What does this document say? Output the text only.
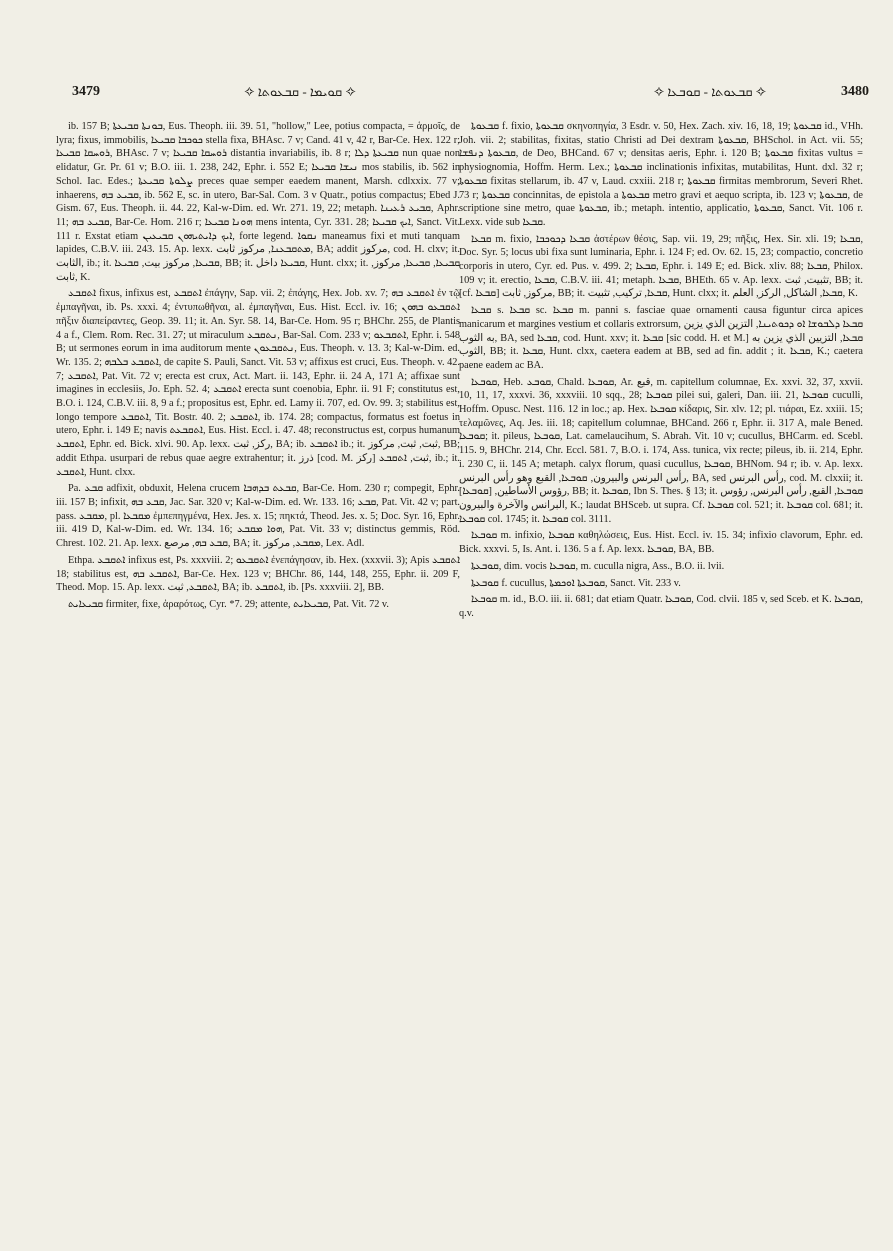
3479	✧ ܩܘܝܡܐ - ܩܒܥܘܬܐ ✧	✧ ܩܒܥܘܬܐ - ܩܘܒܥܐ ✧	3480

ib. 157 B; ܒܘܢܬܐ ܩܒܝܥܬܐ, Eus. Theoph. iii. 39. 51, "hollow," Lee, potius compacta, = ἁρμοῖς, de lyra; fixus, immobilis, ܟܘܟܒܐ ܩܒܝܥܐ stella fixa, BHAsc. 7 v; Cand. 41 v, 42 r, Bar-Ce. Hex. 122 r; ܪܘܚܩܐ ܩܒܝܥܐ, BHAsc. 7 v; ܪܘܚܩܐ ܩܒܝܥܐ distantia invariabilis, ib. 8 r; ܩܒܝܥܬܐ ܕܠܐ nun quae non elidatur, Gr. Pr. 61 v; B.O. iii. 1. 238, 242, Ephr. i. 552 E; ܢܝܫܐ ܩܒܝܥܐ mos stabilis, ib. 562 in Schol. Iac. Edes.; ܨܠܘܬܐ ܩܒܝܥܬܐ preces quae semper eaedem manent, Marsh. cdlxxix. 77 v; inhaerens, ܩܒܝܥ ܒܗ, ib. 562 E, sc. in utero, Bar-Sal. Com. 3 v Quatr., potius compactus; Ebed J. Gism. 67, Eus. Theoph. ii. 44. 22, Kal-w-Dim. ed. Wr. 271. 19, 22; metaph. ܩܒܝܥ ܪܥܝܢܐ, Aphr. 11; ܩܒܝܥ ܒܗ, Bar-Ce. Hom. 216 r; ܗܘܢܐ ܩܒܝܥܐ mens intenta, Cyr. 331. 28; ܐܝܟ ܩܒܝܥܐ, Sanct. Vit. 111 r. Exstat etiam ܐܝܟ ܕܐܝܬܝܗܘܢ ܩܒܝܥܝܢ, forte legend. ܢܩܘܐ maneamus fixi et muti tanquam lapides, C.B.V. iii. 243. 15. Ap. lexx. ܡܬܩܒܥܢܐ, مرکوز ثابت, BA; addit مركوز, cod. H. clxv; it. الثابت, ib.; it. ܩܒܝܥܐ, مركوز بيت, ܩܒܝܥܐ, BB; it. ܩܒܝܥܐ داخل, Hunt. clxx; it. ܩܒܝܥܐ, ܩܒܝܥܐ, مركوز, ثابت, K.

ܐܬܩܒܥ fixus, infixus est, ܐܬܩܒܥ ἐπάγην, Sap. vii. 2; ἐπάγης, Hex. Job. xv. 7; ܐܬܩܒܥ ܒܗ ἐν τῷ ἐμπαγῆναι, ib. Ps. xxxi. 4; ἐντυπωθῆναι, al. ἐμπαγῆναι, Eus. Hist. Eccl. iv. 16; ܐܬܩܒܥܘ ܒܗܘܢ πῆξιν διαπείραντες, Geop. 39. 11; it. An. Syr. 58. 14, Bar-Ce. Hom. 95 r; BHChr. 255, de Plantis 4 a f., Clem. Rom. Rec. 31. 27; ut miraculum ܢܬܩܒܥ, Bar-Sal. Com. 233 v; ܐܬܩܒܥܘ, Ephr. i. 548 B; ut sermones eorum in ima auditorum mente ܢܬܩܒܥܘܢ, Eus. Theoph. v. 13. 3; Kal-w-Dim. ed. Wr. 135. 2; ܐܬܩܒܥ ܒܠܒܗ, de capite S. Pauli, Sanct. Vit. 53 v; affixus est cruci, Eus. Theoph. v. 42. 7; ܐܬܩܒܥ, Pat. Vit. 72 v; erecta est crux, Act. Mart. ii. 143, Ephr. ii. 24 A, 171 A; affixae sunt imagines in ecclesiis, Jo. Eph. 52. 4; ܐܬܩܒܥ erecta sunt coenobia, Ephr. ii. 91 F; constitutus est, B.O. i. 124, C.B.V. iii. 8, 9 a f.; propositus est, Ephr. ed. Lamy ii. 707, ed. Ov. 99. 3; stabilitus est, longo tempore ܐܬܩܒܥ, Tit. Bostr. 40. 2; ܐܬܩܒܥ, ib. 174. 28; compactus, formatus est foetus in utero, Ephr. i. 149 E; navis ܐܬܩܒܥܬ, Eus. Hist. Eccl. i. 47. 48; reconstructus est, corpus humanum ܐܬܩܒܥ, Ephr. ed. Bick. xlvi. 90. Ap. lexx. رکز, ثبت, BA; ib. ܐܬܩܒܥ ib.; it. ثبت, ثبت, مركوز, BB; addit Ethpa. usurpari de rebus quae aegre extrahentur; it. ذرز [cod. M. رکز] ثبت, ܐܬܩܒܥ, ib.; it. ܐܬܩܒܥ, Hunt. clxx.

Pa. ܩܒܥ adfixit, obduxit, Helena crucem ܩܒܥܬ ܒܕܗܒܐ, Bar-Ce. Hom. 230 r; compegit, Ephr. iii. 157 B; infixit, ܩܒܥ ܒܗ, Jac. Sar. 320 v; Kal-w-Dim. ed. Wr. 133. 16; ܩܒܥ, Pat. Vit. 42 v; part. pass. ܡܩܒܥ, pl. ܡܩܒܥܐ ἐμπεπηγμένα, Hex. Jes. x. 15; πηκτά, Theod. Jes. x. 5; Doc. Syr. 16, Ephr. iii. 419 D, Kal-w-Dim. ed. Wr. 134. 16; ܗܘܐ ܡܩܒܥ, Pat. Vit. 33 v; distinctus gemmis, Röd. Chrest. 102. 21. Ap. lexx. ܩܒܥ ܒܗ, مرصع, BA; it. ܡܩܒܥ, مركوز, Lex. Adl.

Ethpa. ܐܬܩܒܥ infixus est, Ps. xxxviii. 2; ܐܬܩܒܥܘ ἐνεπάγησαν, ib. Hex. (xxxvii. 3); Apis ܐܬܩܒܥ 18; stabilitus est, ܐܬܩܒܥ ܒܗ, Bar-Ce. Hex. 123 v; BHChr. 86, 144, 148, 255, Ephr. ii. 209 F, Theod. Mop. 15. Ap. lexx. ܐܬܩܒܥ, ثبت, BA; ib. ܐܬܩܒܥ, ib. [Ps. xxxviii. 2], BB.

ܩܒܝܥܐܝܬ firmiter, fixe, ἀραρότως, Cyr. *7. 29; attente, ܩܒܝܥܐܝܬ, Pat. Vit. 72 v.

ܩܒܥܘܬܐ f. fixio, ܩܒܥܘܬܐ σκηνοπηγία, 3 Esdr. v. 50, Hex. Zach. xiv. 16, 18, 19; ܩܒܥܘܬܐ id., VHh. Joh. vii. 2; stabilitas, fixitas, statio Christi ad Dei dextram ܩܒܥܘܬܐ, BHSchol. in Act. vii. 55; ܩܒܥܘܬܐ ܕܢܦܫܐ, de Deo, BHCand. 67 v; densitas aeris, Ephr. i. 120 B; ܩܒܥܘܬܐ fixitas vultus = physiognomia, Hoffm. Herm. Lex.; ܩܒܥܘܬܐ inclinationis infixitas, mutabilitas, Hunt. dxl. 32 r; ܩܒܥܘܬܐ fixitas stellarum, ib. 47 v, Laud. cxxiii. 218 r; ܩܒܥܘܬܐ firmitas membrorum, Severi Rhet. 73 r; ܩܒܥܘܬܐ concinnitas, de epistola a ܩܒܥܘܬܐ metro gravi et aequo scripta, ib. 123 v; ܩܒܥܘܬܐ, de scriptione sine metro, quae ܩܒܥܘܬܐ, ib.; metaph. intentio, applicatio, ܩܒܥܘܬܐ, Sanct. Vit. 106 r. Lexx. vide sub ܩܒܥܐ.

ܩܒܥܐ m. fixio, ܩܒܥܐ ܕܟܘܟܒܐ ἀστέρων θέσις, Sap. vii. 19, 29; πῆξις, Hex. Sir. xli. 19; ܩܒܥܐ, Doc. Syr. 5; locus ubi fixa sunt luminaria, Ephr. i. 124 F; ed. Ov. 62. 15, 23; compactio, concretio corporis in utero, Cyr. ed. Pus. v. 499. 2; ܩܒܥܐ, Ephr. i. 149 E; ed. Bick. xliv. 88; ܩܒܥܐ, Philox. 109 v; it. erectio, ܩܒܥܐ, C.B.V. iii. 41; metaph. ܩܒܥܐ, BHEth. 65 v. Ap. lexx. تثبيت, ثبت, BB; it. [cf. ܩܒܥܐ] مركوز, ثابت, BB; it. ܩܒܥܐ, تركيب, تثبيت, Hunt. clxx; it. ܩܒܥܐ, الشاكل, الركز, العلم, K.

ܩܒܥܐ s. ܩܒܥܐ sc. ܩܒܥܐ m. panni s. fasciae quae ornamenti causa figuntur circa apices manicarum et margines vestium et collaris extrorsum, ܩܒܥܐ ܕܠܒܘܫܐ ܐܘ ܕܟܘܬܝܢܐ, التزين الذي يزين به الثوب, BA, sed ܩܒܥܐ, cod. Hunt. xxv; it. ܩܒܥܐ [sic codd. H. et M.] ܩܒܥܐ, التزيين الذي يزين به الثوب, BB; it. ܩܒܥܐ, Hunt. clxx, caetera eadem at BB, sed ad fin. addit ; it. ܩܒܥܐ, K.; caetera paene eadem ac BA.

ܩܘܒܥܐ, Heb. ܩܘܒܥ, Chald. ܩܘܒܥܐ, Ar. قبع, m. capitellum columnae, Ex. xxvi. 32, 37, xxvii. 10, 11, 17, xxxvi. 36, xxxviii. 10 sqq., 28; ܩܘܒܥܐ pilei sui, galeri, Dan. iii. 21, ܩܘܒܥܐ cuculli, Hoffm. Opusc. Nest. 116. 12 in loc.; ap. Hex. ܩܘܒܥܐ κίδαρις, Sir. xlv. 12; pl. τιάραι, Ez. xxiii. 15; τελαμῶνες, Aq. Jes. iii. 18; capitellum columnae, BHCand. 266 r, Ephr. ii. 317 A, male Bened. ܩܘܒܥܐ; it. pileus, ܩܘܒܥܐ, Lat. camelaucihum, S. Abrah. Vit. 10 v; cucullus, BHCarm. ed. Scebl. 115. 9, BHChr. 214, Chr. Eccl. 581. 7, B.O. i. 174, Ass. tunica, vix recte; pileus, ib. ii. 214, Ephr. i. 230 C, ii. 145 A; metaph. calyx florum, quasi cucullus, ܩܘܒܥܐ, BHNom. 94 r; ib. v. Ap. lexx. رأس البرنس والبيرون, ܩܘܒܥܐ, القبع وهو رأس البرنس, BA, sed رأس البرنس, cod. M. clxxii; it. رؤوس الأساطين, [ܩܘܒܥܐ], BB; it. ܩܘܒܥܐ, Ibn S. Thes. § 13; it. ܩܘܒܥܐ, القبع, رأس البرنس, رؤوس البرانس والآخرة والبيرون, K.; laudat BHSceb. ut supra. Cf. ܩܘܒܥܐ col. 521; it. ܩܘܒܥܐ col. 681; it. ܩܘܒܥܐ col. 1745; it. ܩܘܒܥܐ col. 3111.

ܩܘܒܥܐ m. infixio, ܩܘܒܥܐ καθηλώσεις, Eus. Hist. Eccl. iv. 15. 34; infixio clavorum, Ephr. ed. Bick. xxxvi. 5, Is. Ant. i. 136. 5 a f. Ap. lexx. ܩܘܒܥܐ, BA, BB.

ܩܘܒܥܬܐ, dim. vocis ܩܘܒܥܐ, m. cuculla nigra, Ass., B.O. ii. lvii.

ܩܘܒܥܬܐ f. cucullus, ܩܘܒܥܬܐ ܐܘܟܡܬܐ, Sanct. Vit. 233 v.

ܩܘܒܥܐ m. id., B.O. iii. ii. 681; dat etiam Quatr. ܩܘܒܥܐ, Cod. clvii. 185 v, sed Sceb. et K. ܩܘܒܥܐ, q.v.
